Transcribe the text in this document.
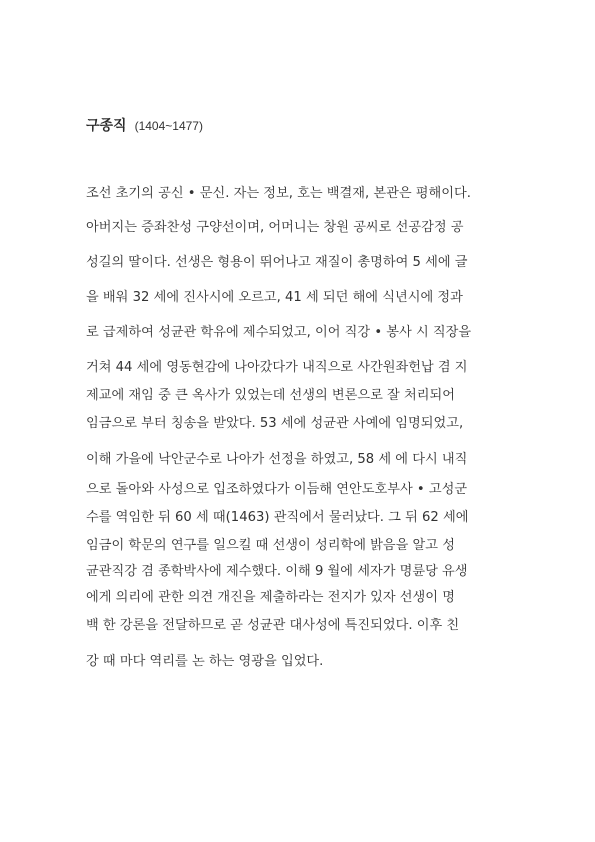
구종직 (1404~1477)
조선 초기의 공신 • 문신. 자는 정보, 호는 백결재, 본관은 평해이다.
아버지는 증좌찬성 구양선이며, 어머니는 창원 공씨로 선공감정 공
성길의 딸이다. 선생은 형용이 뛰어나고 재질이 총명하여 5 세에 글
을 배워 32 세에 진사시에 오르고, 41 세 되던 해에 식년시에 정과
로 급제하여 성균관 학유에 제수되었고, 이어 직강 • 봉사 시 직장을
거쳐 44 세에 영동현감에 나아갔다가 내직으로 사간원좌헌납 겸 지
제교에 재임 중 큰 옥사가 있었는데 선생의 변론으로 잘 처리되어
임금으로 부터 칭송을 받았다. 53 세에 성균관 사예에 임명되었고,
이해 가을에 낙안군수로 나아가 선정을 하였고, 58 세 에 다시 내직
으로 돌아와 사성으로 입조하였다가 이듬해 연안도호부사 • 고성군
수를 역임한 뒤 60 세 때(1463) 관직에서 물러났다. 그 뒤 62 세에
임금이 학문의 연구를 일으킬 때 선생이 성리학에 밝음을 알고 성
균관직강 겸 종학박사에 제수했다. 이해 9 월에 세자가 명륜당 유생
에게 의리에 관한 의견 개진을 제출하라는 전지가 있자 선생이 명
백 한 강론을 전달하므로 곧 성균관 대사성에 특진되었다. 이후 친
강 때 마다 역리를 논 하는 영광을 입었다.
